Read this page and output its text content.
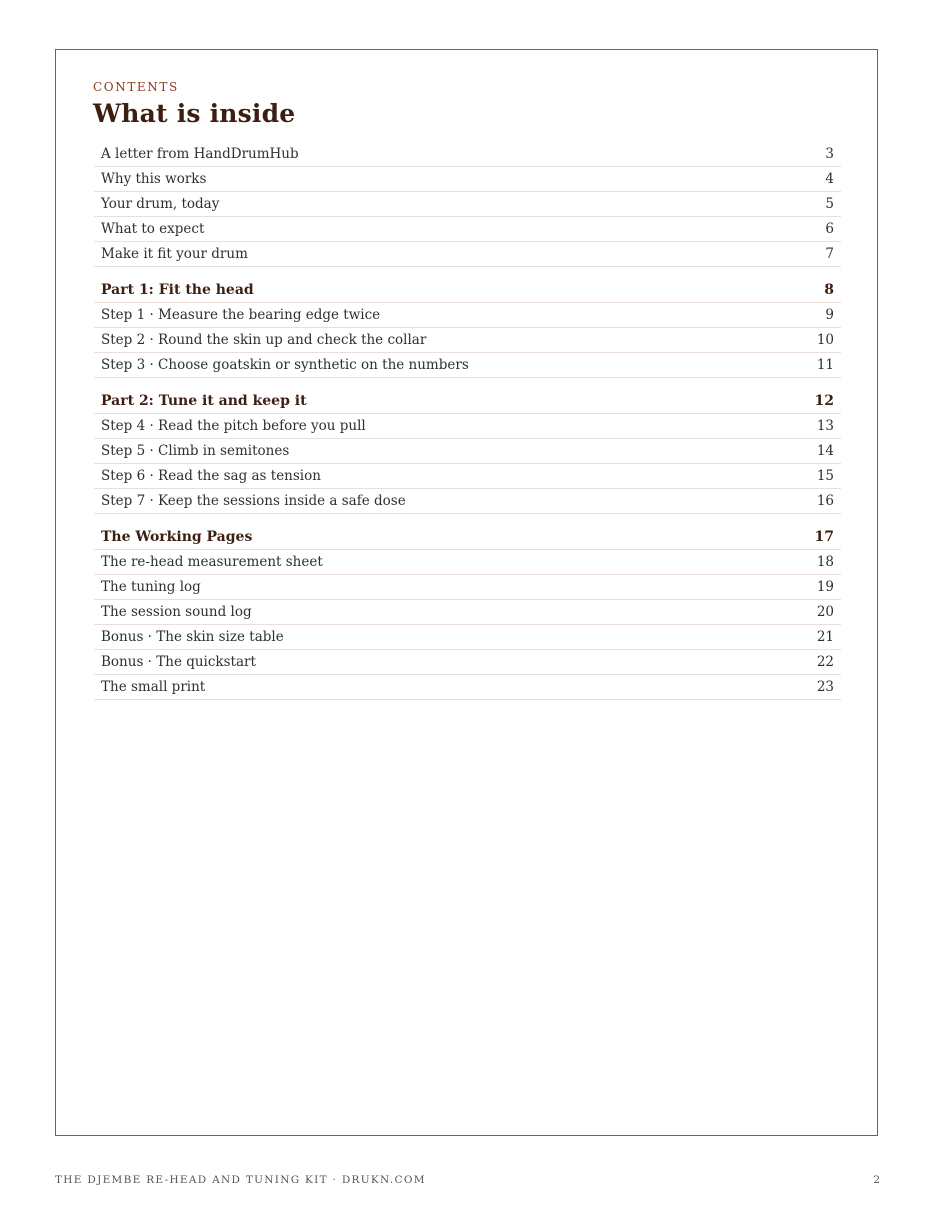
CONTENTS
What is inside
A letter from HandDrumHub	3
Why this works	4
Your drum, today	5
What to expect	6
Make it fit your drum	7
Part 1: Fit the head	8
Step 1 · Measure the bearing edge twice	9
Step 2 · Round the skin up and check the collar	10
Step 3 · Choose goatskin or synthetic on the numbers	11
Part 2: Tune it and keep it	12
Step 4 · Read the pitch before you pull	13
Step 5 · Climb in semitones	14
Step 6 · Read the sag as tension	15
Step 7 · Keep the sessions inside a safe dose	16
The Working Pages	17
The re-head measurement sheet	18
The tuning log	19
The session sound log	20
Bonus · The skin size table	21
Bonus · The quickstart	22
The small print	23
THE DJEMBE RE-HEAD AND TUNING KIT · DRUKN.COM	2
